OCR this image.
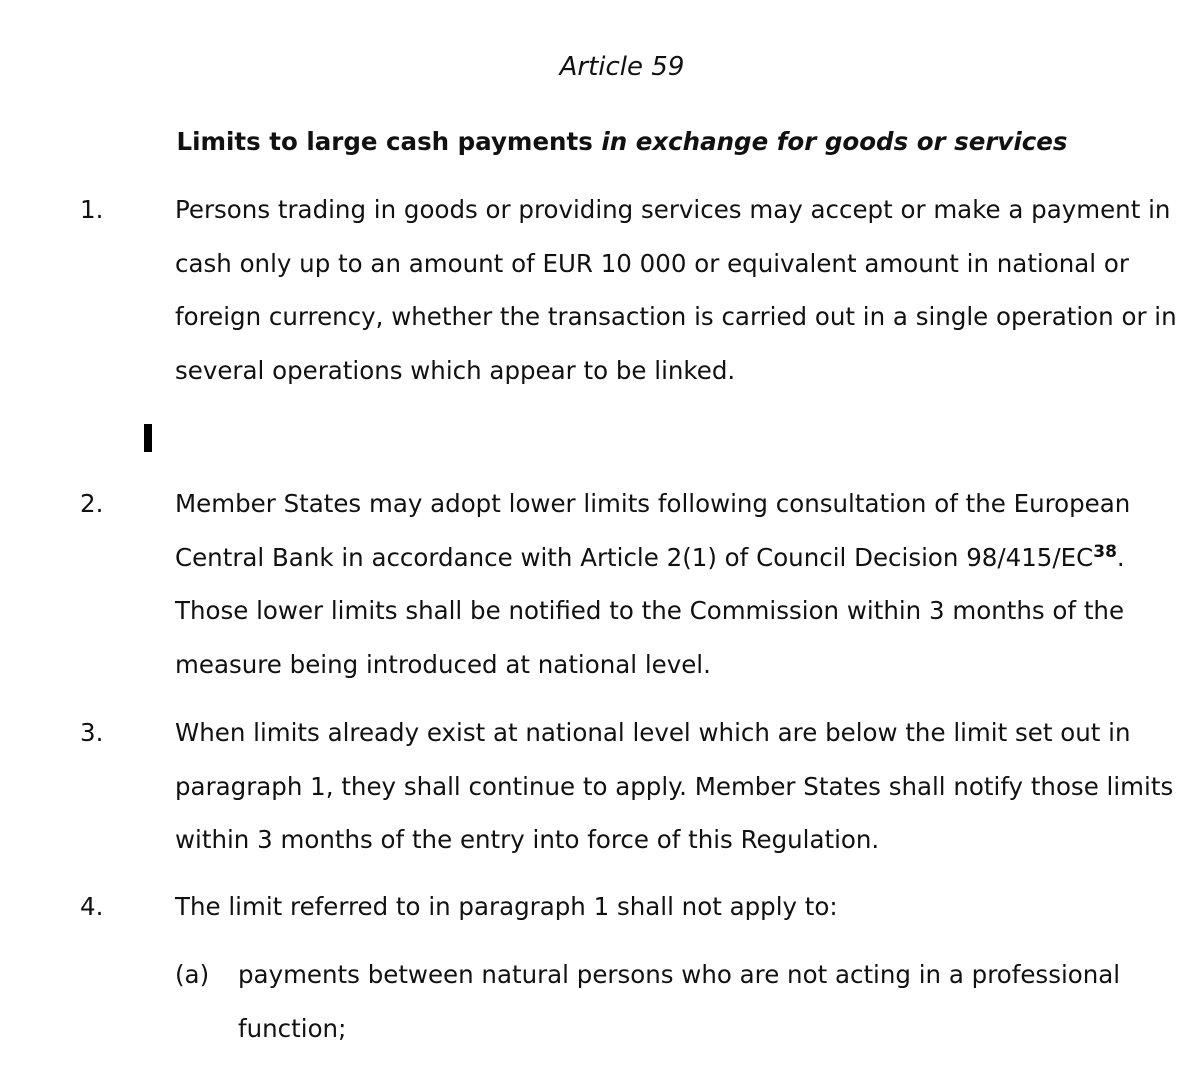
Article 59
Limits to large cash payments in exchange for goods or services
1.	Persons trading in goods or providing services may accept or make a payment in cash only up to an amount of EUR 10 000 or equivalent amount in national or foreign currency, whether the transaction is carried out in a single operation or in several operations which appear to be linked.

2.	Member States may adopt lower limits following consultation of the European Central Bank in accordance with Article 2(1) of Council Decision 98/415/EC$^{38}$. Those lower limits shall be notified to the Commission within 3 months of the measure being introduced at national level.

3.	When limits already exist at national level which are below the limit set out in paragraph 1, they shall continue to apply. Member States shall notify those limits within 3 months of the entry into force of this Regulation.

4.	The limit referred to in paragraph 1 shall not apply to:

(a) payments between natural persons who are not acting in a professional function;
